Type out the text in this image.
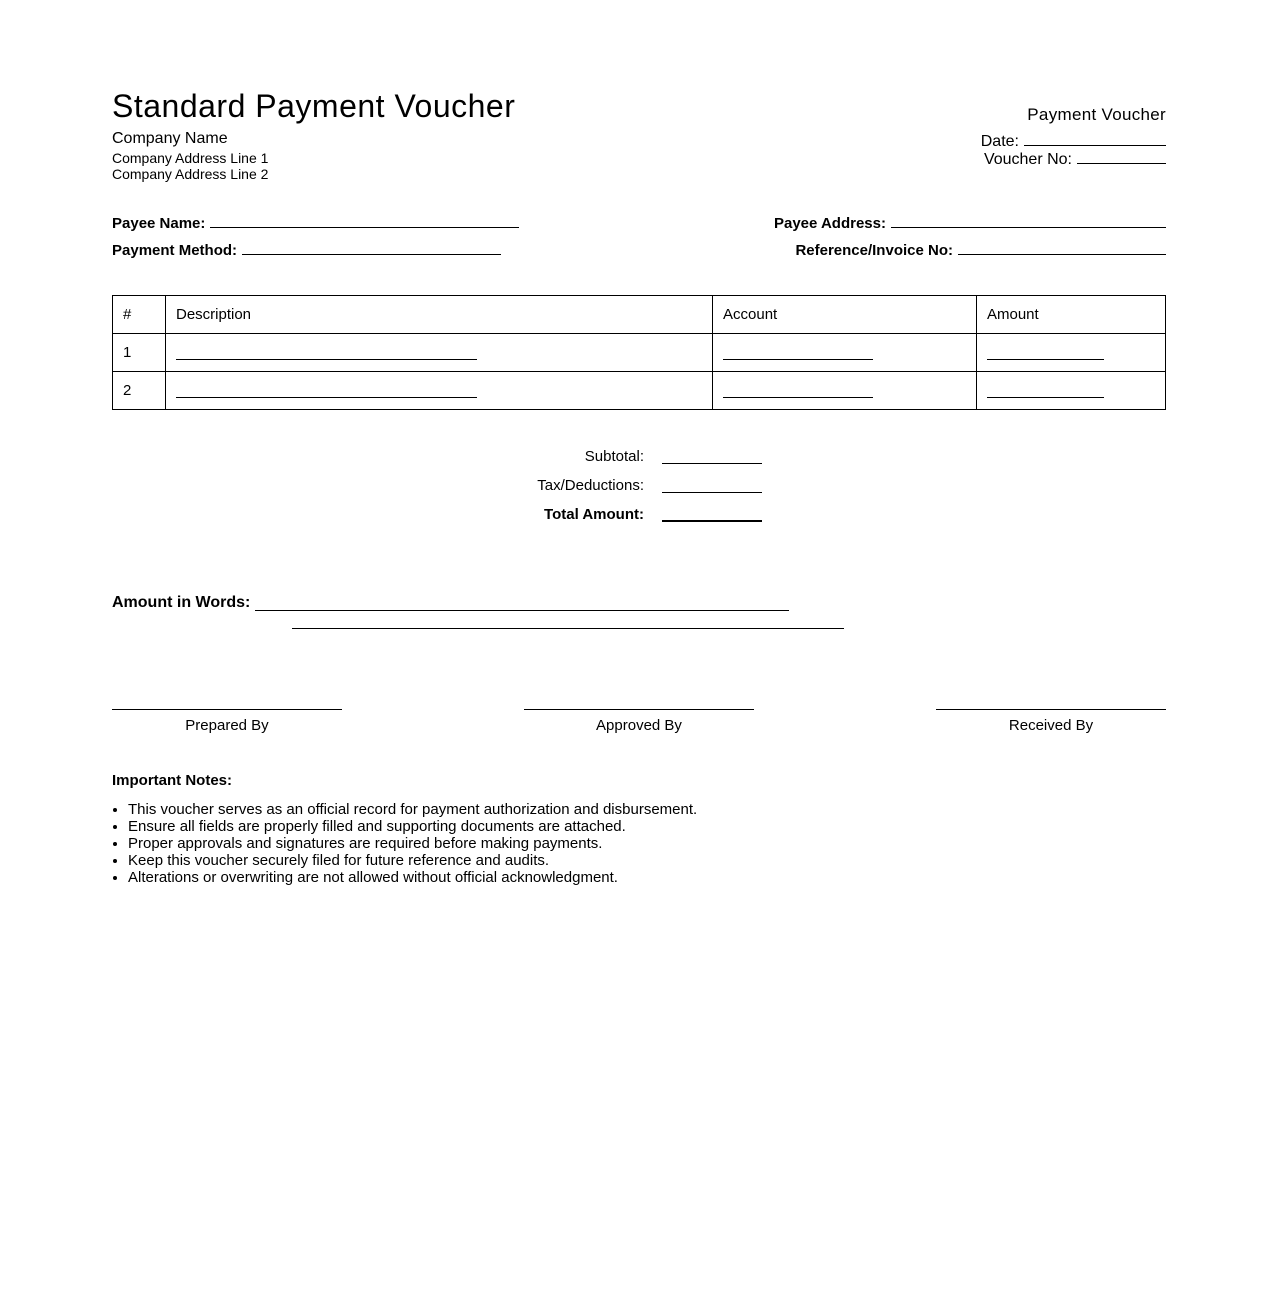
Standard Payment Voucher
Company Name
Company Address Line 1
Company Address Line 2
Payment Voucher
Date:
Voucher No:
Payee Name:	Payee Address:
Payment Method:	Reference/Invoice No:
#	Description	Account	Amount
1			
2			
Subtotal:
Tax/Deductions:
Total Amount:
Amount in Words:
Prepared By	Approved By	Received By
Important Notes:
• This voucher serves as an official record for payment authorization and disbursement.
• Ensure all fields are properly filled and supporting documents are attached.
• Proper approvals and signatures are required before making payments.
• Keep this voucher securely filed for future reference and audits.
• Alterations or overwriting are not allowed without official acknowledgment.
